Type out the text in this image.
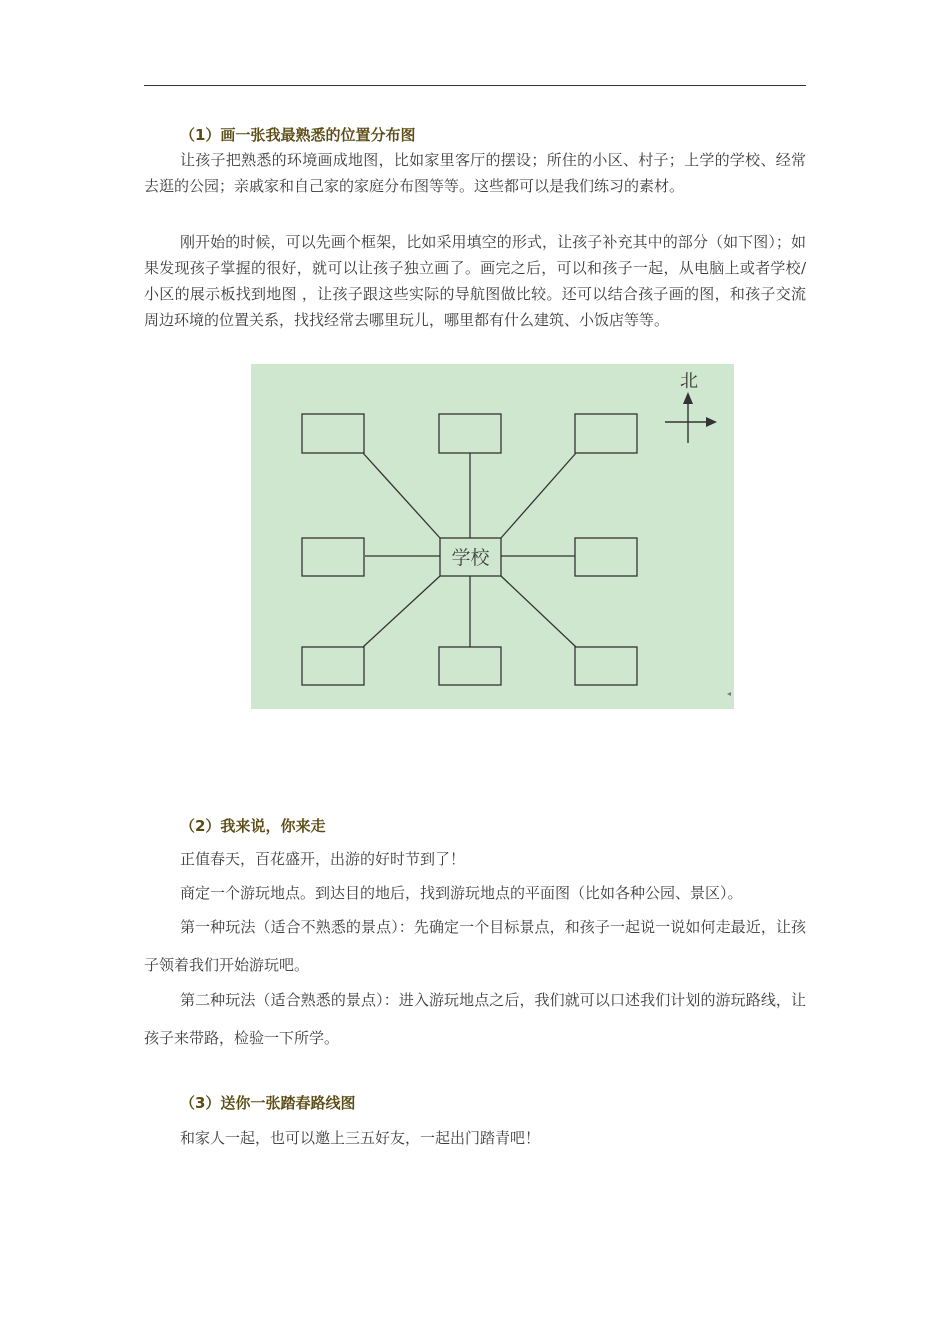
（1）画一张我最熟悉的位置分布图
让孩子把熟悉的环境画成地图，比如家里客厅的摆设；所住的小区、村子；上学的学校、经常去逛的公园；亲戚家和自己家的家庭分布图等等。这些都可以是我们练习的素材。
刚开始的时候，可以先画个框架，比如采用填空的形式，让孩子补充其中的部分（如下图）；如果发现孩子掌握的很好，就可以让孩子独立画了。画完之后，可以和孩子一起，从电脑上或者学校/小区的展示板找到地图 ，让孩子跟这些实际的导航图做比较。还可以结合孩子画的图，和孩子交流周边环境的位置关系，找找经常去哪里玩儿，哪里都有什么建筑、小饭店等等。
学校
北
（2）我来说，你来走
正值春天，百花盛开，出游的好时节到了！
商定一个游玩地点。到达目的地后，找到游玩地点的平面图（比如各种公园、景区）。
第一种玩法（适合不熟悉的景点）：先确定一个目标景点，和孩子一起说一说如何走最近，让孩子领着我们开始游玩吧。
第二种玩法（适合熟悉的景点）：进入游玩地点之后，我们就可以口述我们计划的游玩路线，让孩子来带路，检验一下所学。
（3）送你一张踏春路线图
和家人一起，也可以邀上三五好友，一起出门踏青吧！
